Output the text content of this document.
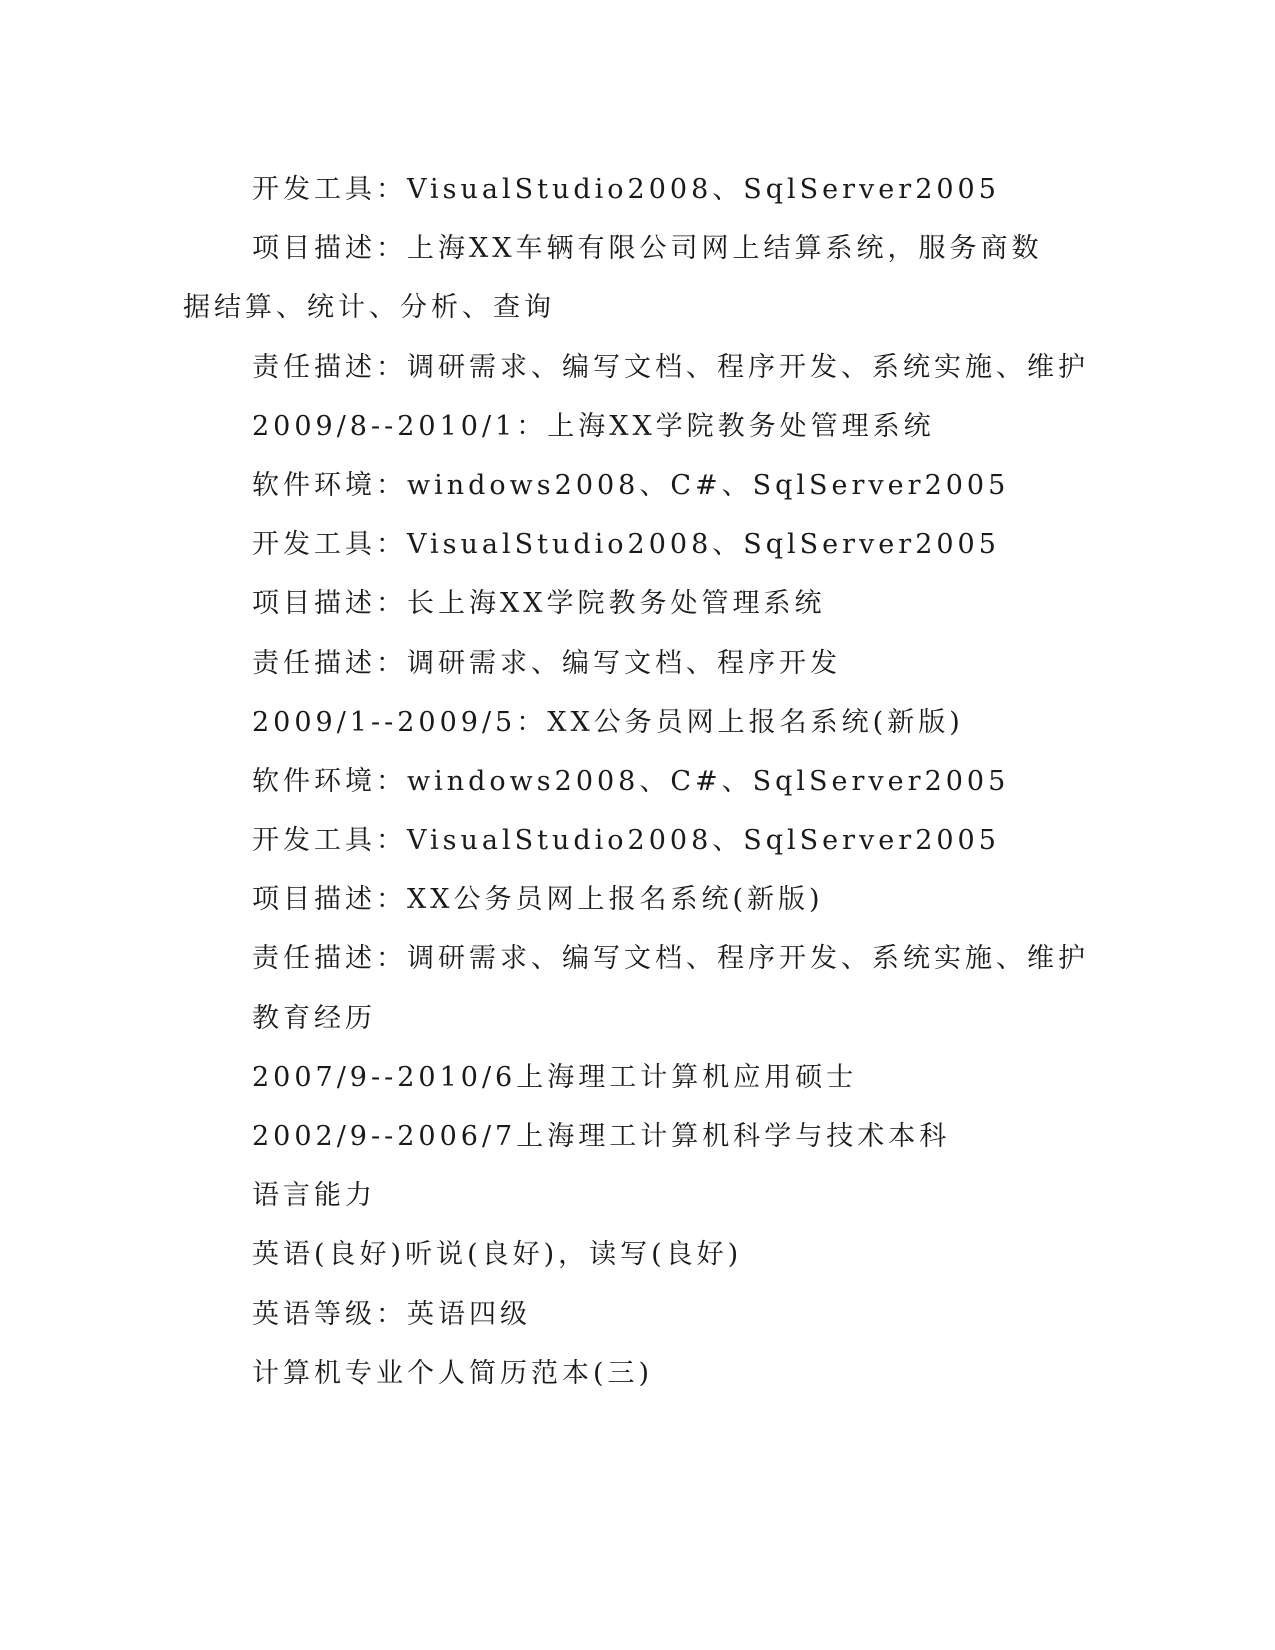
开发工具：VisualStudio2008、SqlServer2005
项目描述：上海XX车辆有限公司网上结算系统，服务商数据结算、统计、分析、查询
责任描述：调研需求、编写文档、程序开发、系统实施、维护
2009/8--2010/1：上海XX学院教务处管理系统
软件环境：windows2008、C#、SqlServer2005
开发工具：VisualStudio2008、SqlServer2005
项目描述：长上海XX学院教务处管理系统
责任描述：调研需求、编写文档、程序开发
2009/1--2009/5：XX公务员网上报名系统(新版)
软件环境：windows2008、C#、SqlServer2005
开发工具：VisualStudio2008、SqlServer2005
项目描述：XX公务员网上报名系统(新版)
责任描述：调研需求、编写文档、程序开发、系统实施、维护
教育经历
2007/9--2010/6上海理工计算机应用硕士
2002/9--2006/7上海理工计算机科学与技术本科
语言能力
英语(良好)听说(良好)，读写(良好)
英语等级：英语四级
计算机专业个人简历范本(三)
